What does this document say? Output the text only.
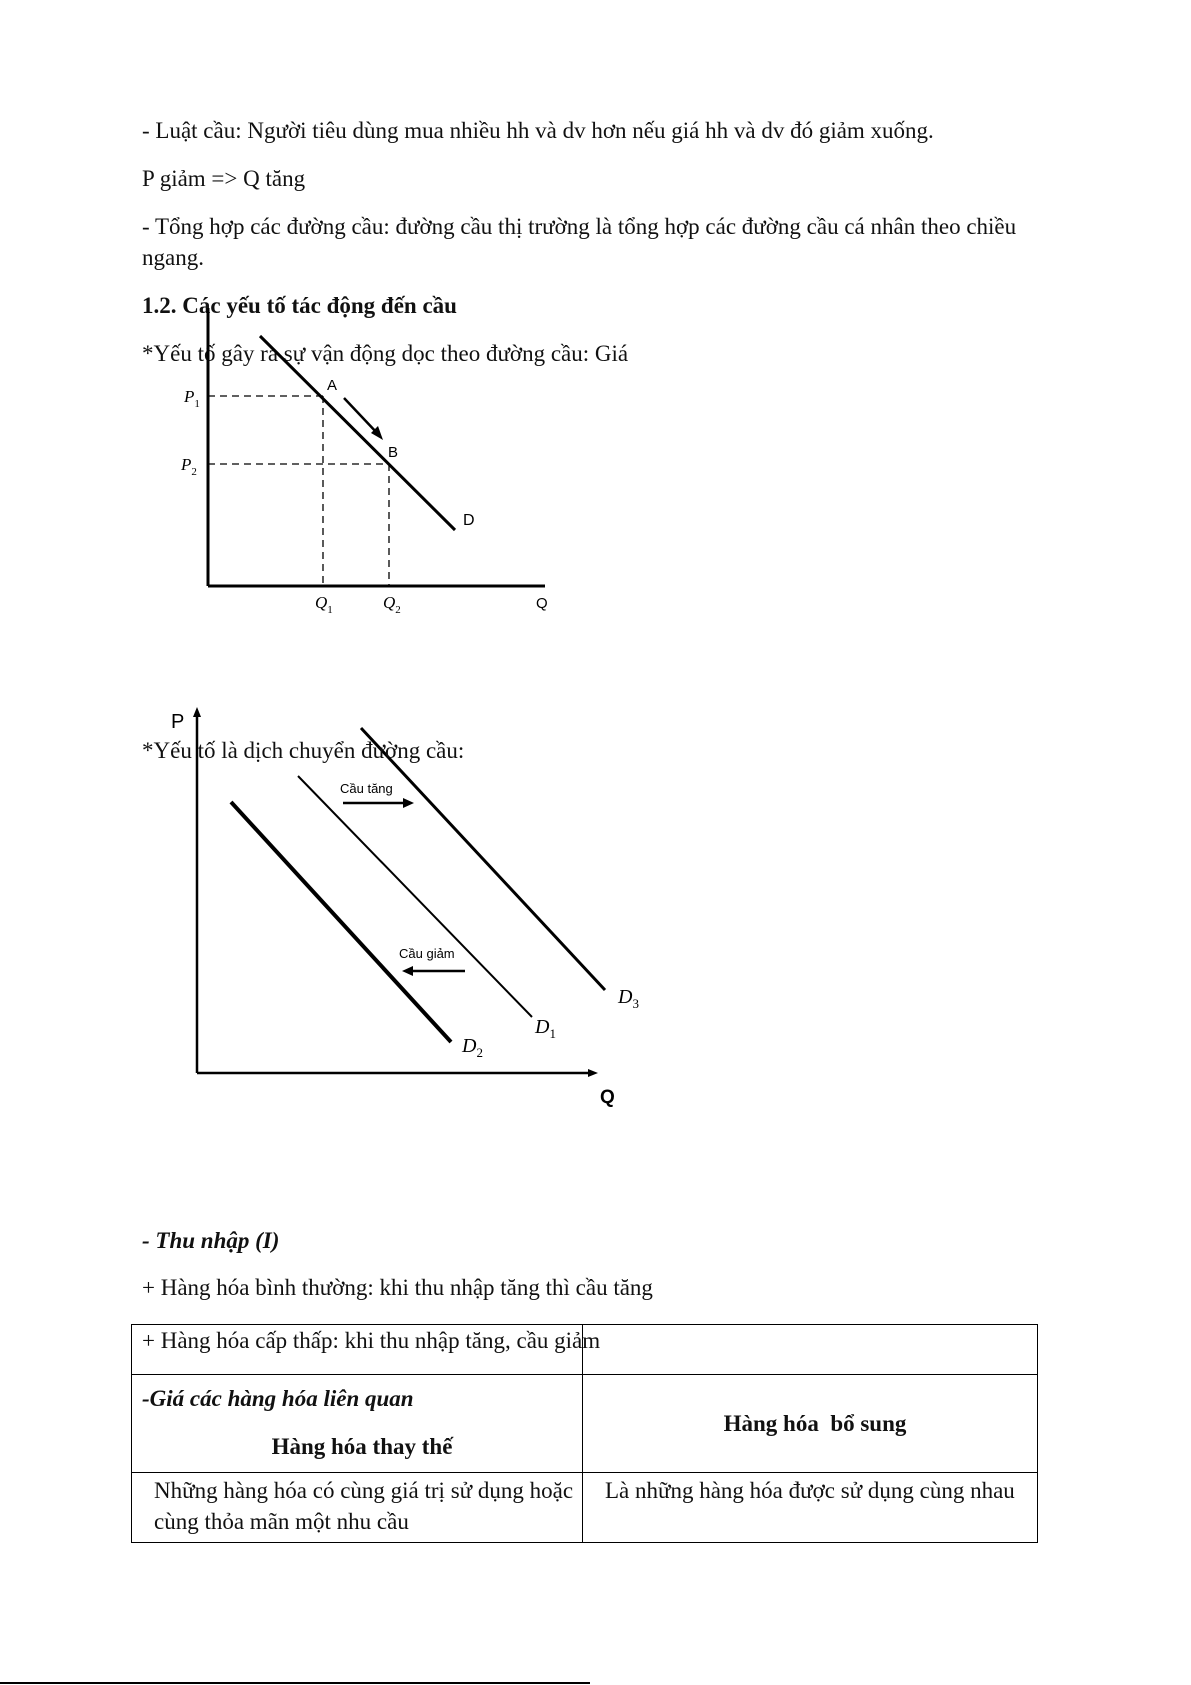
- Luật cầu: Người tiêu dùng mua nhiều hh và dv hơn nếu giá hh và dv đó giảm xuống.

P giảm => Q tăng

- Tổng hợp các đường cầu: đường cầu thị trường là tổng hợp các đường cầu cá nhân theo chiều ngang.

1.2. Các yếu tố tác động đến cầu

*Yếu tố gây ra sự vận động dọc theo đường cầu: Giá

A
B
D
Q
$P_1$
$P_2$
$Q_1$	$Q_2$
P
Q
Cầu tăng
Cầu giảm
$D_3$
$D_1$
$D_2$

*Yếu tố là dịch chuyển đường cầu:

- Thu nhập (I)

+ Hàng hóa bình thường: khi thu nhập tăng thì cầu tăng

+ Hàng hóa cấp thấp: khi thu nhập tăng, cầu giảm	

-Giá các hàng hóa liên quan
Hàng hóa thay thế	Hàng hóa  bổ sung

Những hàng hóa có cùng giá trị sử dụng hoặc cùng thỏa mãn một nhu cầu	Là những hàng hóa được sử dụng cùng nhau
